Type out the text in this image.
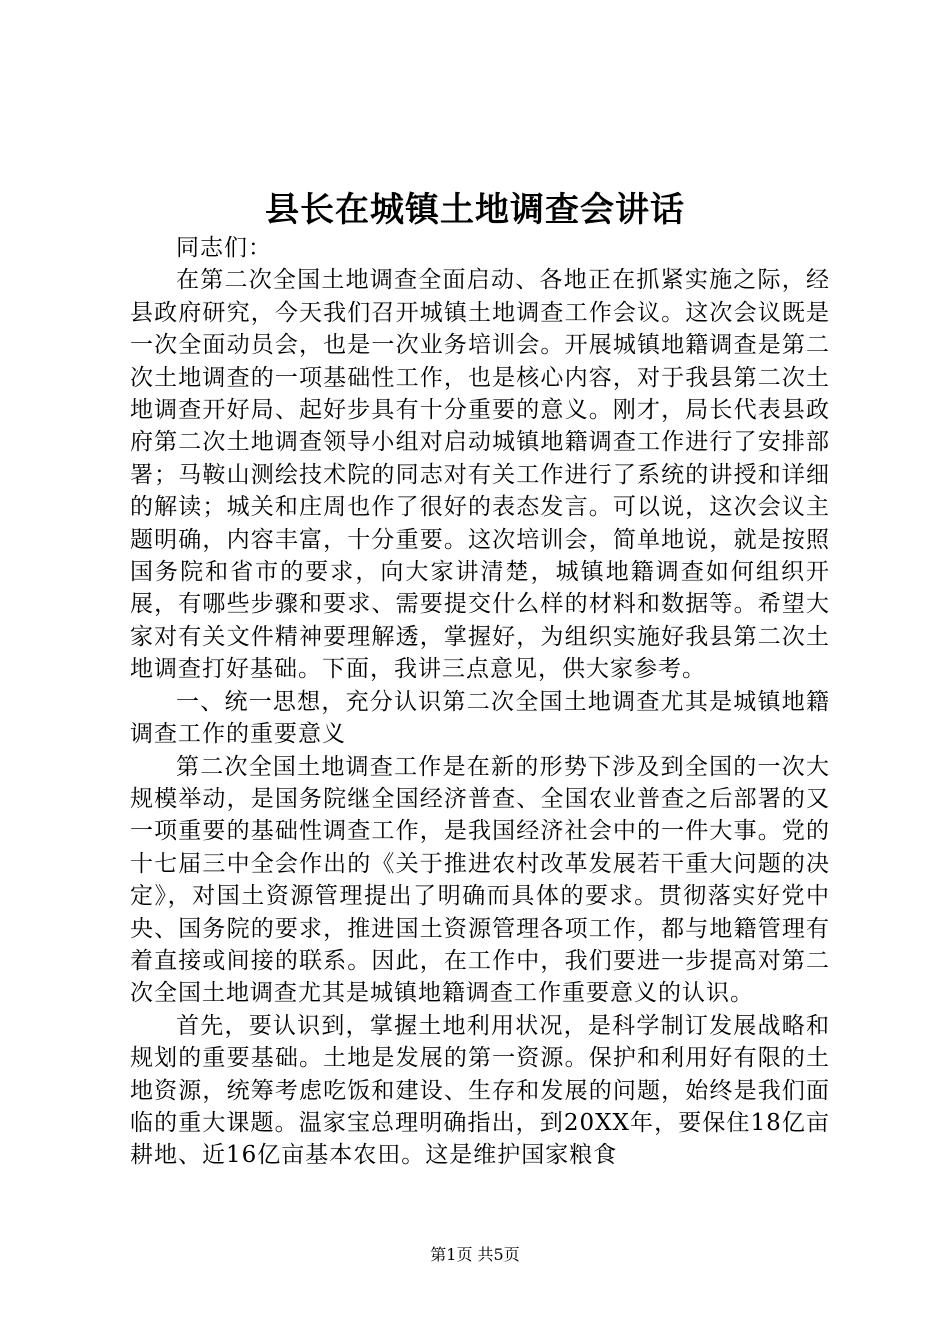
县长在城镇土地调查会讲话

同志们：

在第二次全国土地调查全面启动、各地正在抓紧实施之际，经县政府研究，今天我们召开城镇土地调查工作会议。这次会议既是一次全面动员会，也是一次业务培训会。开展城镇地籍调查是第二次土地调查的一项基础性工作，也是核心内容，对于我县第二次土地调查开好局、起好步具有十分重要的意义。刚才，局长代表县政府第二次土地调查领导小组对启动城镇地籍调查工作进行了安排部署；马鞍山测绘技术院的同志对有关工作进行了系统的讲授和详细的解读；城关和庄周也作了很好的表态发言。可以说，这次会议主题明确，内容丰富，十分重要。这次培训会，简单地说，就是按照国务院和省市的要求，向大家讲清楚，城镇地籍调查如何组织开展，有哪些步骤和要求、需要提交什么样的材料和数据等。希望大家对有关文件精神要理解透，掌握好，为组织实施好我县第二次土地调查打好基础。下面，我讲三点意见，供大家参考。

一、统一思想，充分认识第二次全国土地调查尤其是城镇地籍调查工作的重要意义

第二次全国土地调查工作是在新的形势下涉及到全国的一次大规模举动，是国务院继全国经济普查、全国农业普查之后部署的又一项重要的基础性调查工作，是我国经济社会中的一件大事。党的十七届三中全会作出的《关于推进农村改革发展若干重大问题的决定》，对国土资源管理提出了明确而具体的要求。贯彻落实好党中央、国务院的要求，推进国土资源管理各项工作，都与地籍管理有着直接或间接的联系。因此，在工作中，我们要进一步提高对第二次全国土地调查尤其是城镇地籍调查工作重要意义的认识。

首先，要认识到，掌握土地利用状况，是科学制订发展战略和规划的重要基础。土地是发展的第一资源。保护和利用好有限的土地资源，统筹考虑吃饭和建设、生存和发展的问题，始终是我们面临的重大课题。温家宝总理明确指出，到20XX年，要保住18亿亩耕地、近16亿亩基本农田。这是维护国家粮食

第1页 共5页
